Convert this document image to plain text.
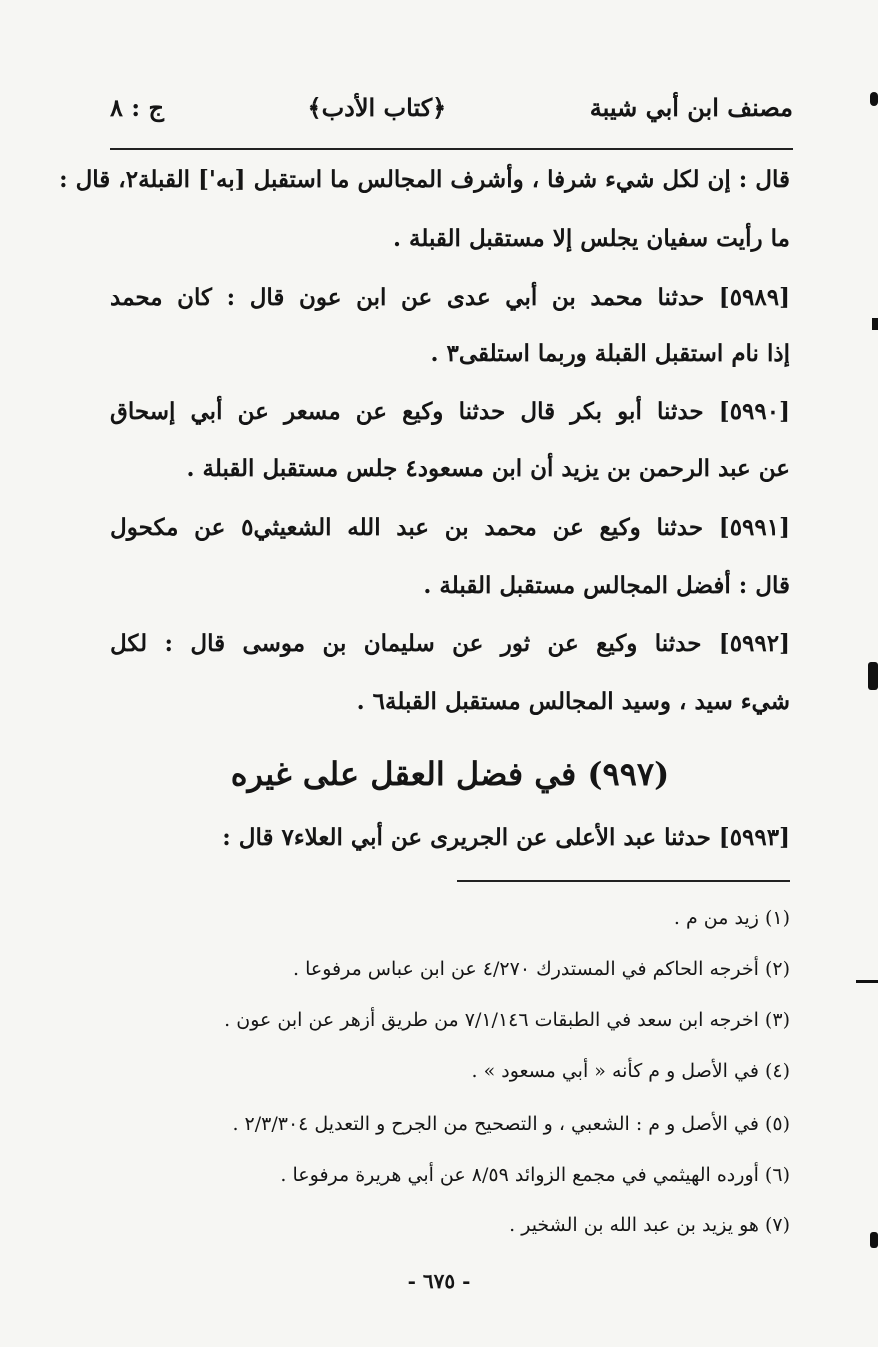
مصنف ابن أبي شيبة
﴿كتاب الأدب﴾
ج : ٨
قال : إن لكل شيء شرفا ، وأشرف المجالس ما استقبل [به'] القبلة٢، قال :
ما رأيت سفيان يجلس إلا مستقبل القبلة .
[٥٩٨٩] حدثنا محمد بن أبي عدى عن ابن عون قال : كان محمد
إذا نام استقبل القبلة وربما استلقى٣ .
[٥٩٩٠] حدثنا أبو بكر قال حدثنا وكيع عن مسعر عن أبي إسحاق
عن عبد الرحمن بن يزيد أن ابن مسعود٤ جلس مستقبل القبلة .
[٥٩٩١] حدثنا وكيع عن محمد بن عبد الله الشعيثي٥ عن مكحول
قال : أفضل المجالس مستقبل القبلة .
[٥٩٩٢] حدثنا وكيع عن ثور عن سليمان بن موسى قال : لكل
شيء سيد ، وسيد المجالس مستقبل القبلة٦ .
(٩٩٧) في فضل العقل على غيره
[٥٩٩٣] حدثنا عبد الأعلى عن الجريرى عن أبي العلاء٧ قال :
(١) زيد من م .
(٢) أخرجه الحاكم في المستدرك ٤/٢٧٠ عن ابن عباس مرفوعا .
(٣) اخرجه ابن سعد في الطبقات ٧/١/١٤٦ من طريق أزهر عن ابن عون .
(٤) في الأصل و م كأنه « أبي مسعود » .
(٥) في الأصل و م : الشعبي ، و التصحيح من الجرح و التعديل ٢/٣/٣٠٤ .
(٦) أورده الهيثمي في مجمع الزوائد ٨/٥٩ عن أبي هريرة مرفوعا .
(٧) هو يزيد بن عبد الله بن الشخير .
- ٦٧٥ -
